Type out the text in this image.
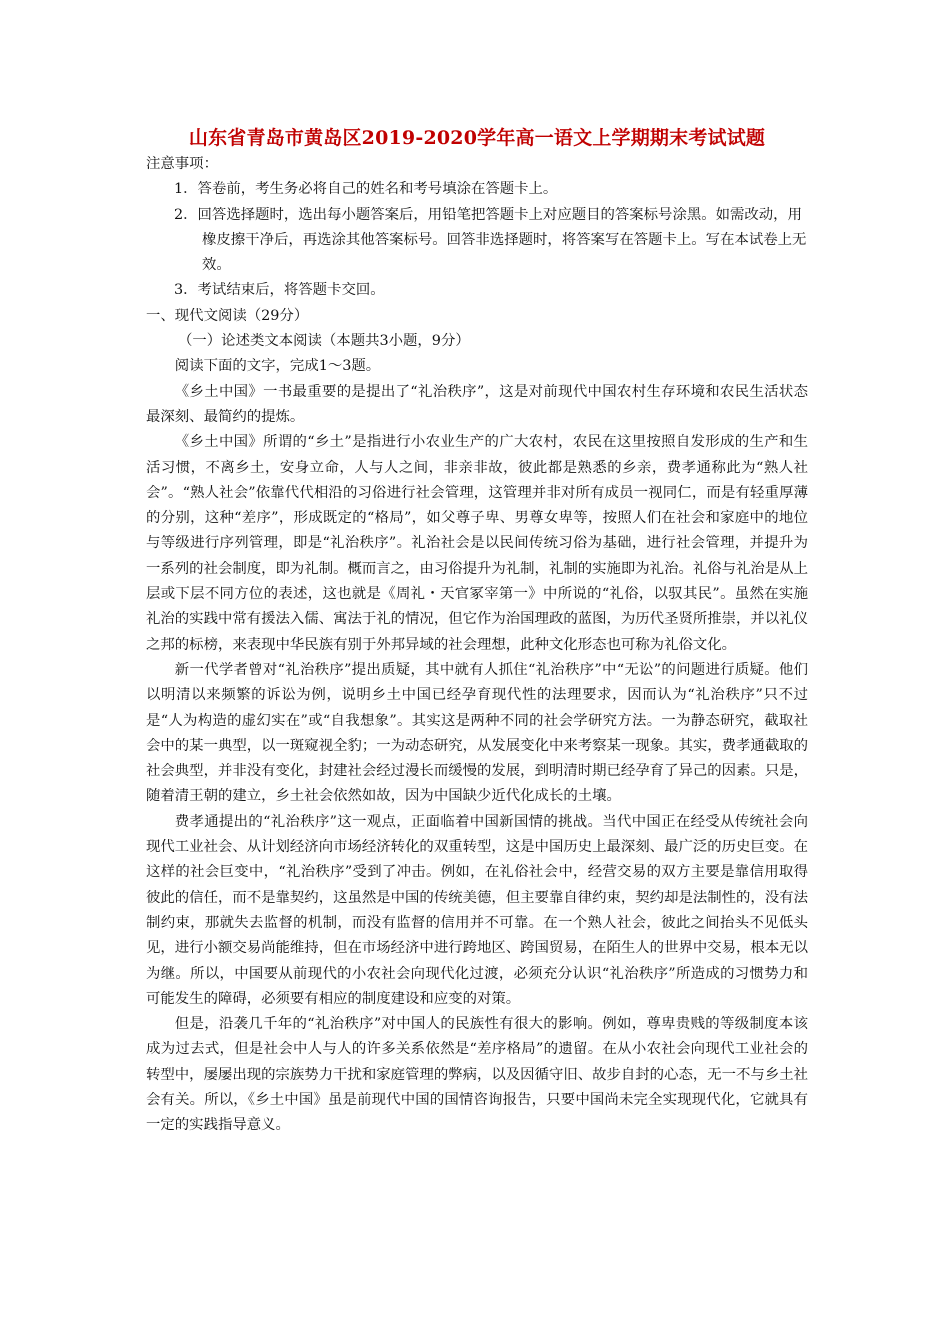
山东省青岛市黄岛区2019-2020学年高一语文上学期期末考试试题

注意事项：

1．答卷前，考生务必将自己的姓名和考号填涂在答题卡上。

2．回答选择题时，选出每小题答案后，用铅笔把答题卡上对应题目的答案标号涂黑。如需改动，用橡皮擦干净后，再选涂其他答案标号。回答非选择题时，将答案写在答题卡上。写在本试卷上无效。

3．考试结束后，将答题卡交回。

一、现代文阅读（29分）

（一）论述类文本阅读（本题共3小题，9分）

阅读下面的文字，完成1～3题。

《乡土中国》一书最重要的是提出了“礼治秩序”，这是对前现代中国农村生存环境和农民生活状态最深刻、最简约的提炼。

《乡土中国》所谓的“乡土”是指进行小农业生产的广大农村，农民在这里按照自发形成的生产和生活习惯，不离乡土，安身立命，人与人之间，非亲非故，彼此都是熟悉的乡亲，费孝通称此为“熟人社会”。“熟人社会”依靠代代相沿的习俗进行社会管理，这管理并非对所有成员一视同仁，而是有轻重厚薄的分别，这种“差序”，形成既定的“格局”，如父尊子卑、男尊女卑等，按照人们在社会和家庭中的地位与等级进行序列管理，即是“礼治秩序”。礼治社会是以民间传统习俗为基础，进行社会管理，并提升为一系列的社会制度，即为礼制。概而言之，由习俗提升为礼制，礼制的实施即为礼治。礼俗与礼治是从上层或下层不同方位的表述，这也就是《周礼・天官冢宰第一》中所说的“礼俗，以驭其民”。虽然在实施礼治的实践中常有援法入儒、寓法于礼的情况，但它作为治国理政的蓝图，为历代圣贤所推崇，并以礼仪之邦的标榜，来表现中华民族有别于外邦异域的社会理想，此种文化形态也可称为礼俗文化。

新一代学者曾对“礼治秩序”提出质疑，其中就有人抓住“礼治秩序”中“无讼”的问题进行质疑。他们以明清以来频繁的诉讼为例，说明乡土中国已经孕育现代性的法理要求，因而认为“礼治秩序”只不过是“人为构造的虚幻实在”或“自我想象”。其实这是两种不同的社会学研究方法。一为静态研究，截取社会中的某一典型，以一斑窥视全豹；一为动态研究，从发展变化中来考察某一现象。其实，费孝通截取的社会典型，并非没有变化，封建社会经过漫长而缓慢的发展，到明清时期已经孕育了异己的因素。只是，随着清王朝的建立，乡土社会依然如故，因为中国缺少近代化成长的土壤。

费孝通提出的“礼治秩序”这一观点，正面临着中国新国情的挑战。当代中国正在经受从传统社会向现代工业社会、从计划经济向市场经济转化的双重转型，这是中国历史上最深刻、最广泛的历史巨变。在这样的社会巨变中，“礼治秩序”受到了冲击。例如，在礼俗社会中，经营交易的双方主要是靠信用取得彼此的信任，而不是靠契约，这虽然是中国的传统美德，但主要靠自律约束，契约却是法制性的，没有法制约束，那就失去监督的机制，而没有监督的信用并不可靠。在一个熟人社会，彼此之间抬头不见低头见，进行小额交易尚能维持，但在市场经济中进行跨地区、跨国贸易，在陌生人的世界中交易，根本无以为继。所以，中国要从前现代的小农社会向现代化过渡，必须充分认识“礼治秩序”所造成的习惯势力和可能发生的障碍，必须要有相应的制度建设和应变的对策。

但是，沿袭几千年的“礼治秩序”对中国人的民族性有很大的影响。例如，尊卑贵贱的等级制度本该成为过去式，但是社会中人与人的许多关系依然是“差序格局”的遗留。在从小农社会向现代工业社会的转型中，屡屡出现的宗族势力干扰和家庭管理的弊病，以及因循守旧、故步自封的心态，无一不与乡土社会有关。所以，《乡土中国》虽是前现代中国的国情咨询报告，只要中国尚未完全实现现代化，它就具有一定的实践指导意义。
